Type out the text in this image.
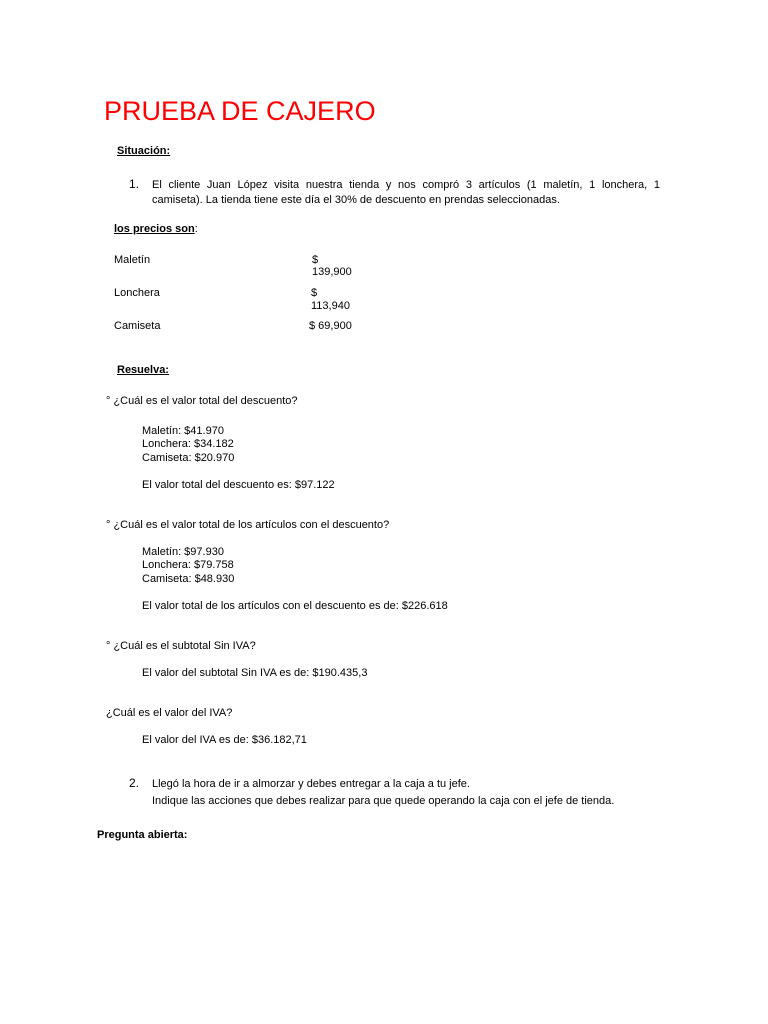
PRUEBA DE CAJERO
Situación:
1. El cliente Juan López visita nuestra tienda y nos compró 3 artículos (1 maletín, 1 lonchera, 1
camiseta). La tienda tiene este día el 30% de descuento en prendas seleccionadas.
los precios son:
Maletín	$
139,900
Lonchera	$
113,940
Camiseta	$ 69,900
Resuelva:
° ¿Cuál es el valor total del descuento?
Maletín: $41.970
Lonchera: $34.182
Camiseta: $20.970
El valor total del descuento es: $97.122
° ¿Cuál es el valor total de los artículos con el descuento?
Maletín: $97.930
Lonchera: $79.758
Camiseta: $48.930
El valor total de los artículos con el descuento es de: $226.618
° ¿Cuál es el subtotal Sin IVA?
El valor del subtotal Sin IVA es de: $190.435,3
¿Cuál es el valor del IVA?
El valor del IVA es de: $36.182,71
2. Llegó la hora de ir a almorzar y debes entregar a la caja a tu jefe.
Indique las acciones que debes realizar para que quede operando la caja con el jefe de tienda.
Pregunta abierta:
